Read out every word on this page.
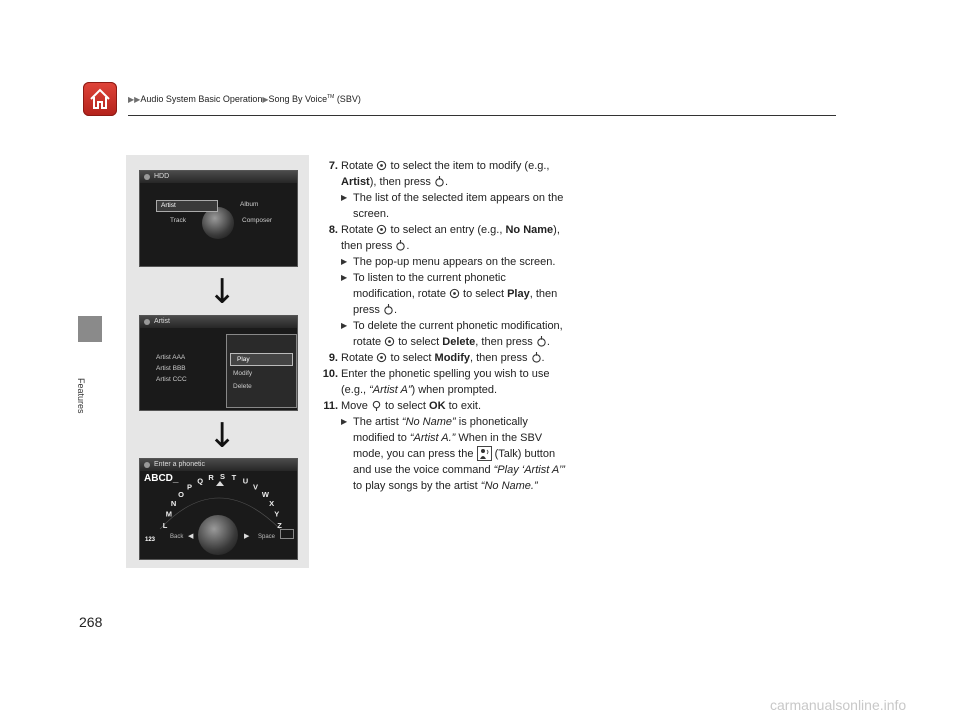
▶▶Audio System Basic Operation▶Song By Voice™ (SBV)
Features
HDD
Artist	Album
Track	Composer
↓
Artist
Artist AAA
Artist BBB
Artist CCC
Play
Modify
Delete
↓
Enter a phonetic
ABCD_
LMNOPQ R S T UVWXY Z
123 Back ◀	▶ Space
7. Rotate  to select the item to modify (e.g., Artist), then press .
▶ The list of the selected item appears on the screen.
8. Rotate  to select an entry (e.g., No Name), then press .
▶ The pop-up menu appears on the screen.
▶ To listen to the current phonetic modification, rotate  to select Play, then press .
▶ To delete the current phonetic modification, rotate  to select Delete, then press .
9. Rotate  to select Modify, then press .
10. Enter the phonetic spelling you wish to use (e.g., “Artist A”) when prompted.
11. Move  to select OK to exit.
▶ The artist “No Name” is phonetically modified to “Artist A.” When in the SBV mode, you can press the  (Talk) button and use the voice command “Play ‘Artist A’” to play songs by the artist “No Name.”
268
carmanualsonline.info
